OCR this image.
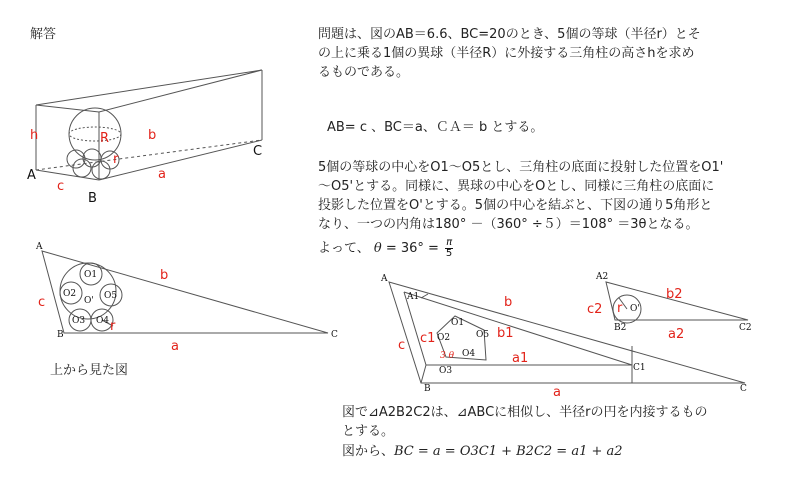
解答	問題は、図のAB＝6.6、BC=20のとき、5個の等球（半径r）とそ
の上に乗る1個の異球（半径R）に外接する三角柱の高さhを求め
るものである。
AB= c 、BC＝a、ＣＡ＝ b とする。
5個の等球の中心をO1～O5とし、三角柱の底面に投射した位置をO1'
～O5'とする。同様に、異球の中心をOとし、同様に三角柱の底面に
投影した位置をO'とする。5個の中心を結ぶと、下図の通り5角形と
なり、一つの内角は180° －（360° ÷５）＝108° ＝3θとなる。
よって、 $\theta = 36^\circ = \frac{\pi}{5}$
図で⊿A2B2C2は、⊿ABCに相似し、半径rの円を内接するもの
とする。
図から、BC = a = O3C1 + B2C2 = a1 + a2
上から見た図
h	R	b
r
C
A
c
a
B
A
b
c
B	C
a
r
O1
O2
O' O5
O3 O4
A
A1	b
c c1	b1
a1
a
O1
O2	O5
O4
O3
3 θ
C1
B	C
A2
c2 r O'
b2
B2	a2	C2
